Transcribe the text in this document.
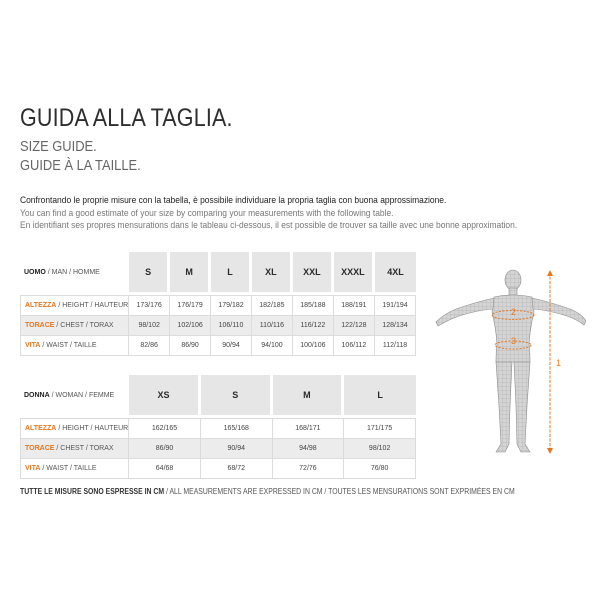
GUIDA ALLA TAGLIA.
SIZE GUIDE.
GUIDE À LA TAILLE.
Confrontando le proprie misure con la tabella, è possibile individuare la propria taglia con buona approssimazione.
You can find a good estimate of your size by comparing your measurements with the following table.
En identifiant ses propres mensurations dans le tableau ci-dessous, il est possible de trouver sa taille avec une bonne approximation.
UOMO / MAN / HOMME	S	M	L	XL	XXL	XXXL	4XL

ALTEZZA / HEIGHT / HAUTEUR	173/176	176/179	179/182	182/185	185/188	188/191	191/194
TORACE / CHEST / TORAX	98/102	102/106	106/110	110/116	116/122	122/128	128/134
VITA / WAIST / TAILLE	82/86	86/90	90/94	94/100	100/106	106/112	112/118
DONNA / WOMAN / FEMME	XS	S	M	L

ALTEZZA / HEIGHT / HAUTEUR	162/165	165/168	168/171	171/175
TORACE / CHEST / TORAX	86/90	90/94	94/98	98/102
VITA / WAIST / TAILLE	64/68	68/72	72/76	76/80
TUTTE LE MISURE SONO ESPRESSE IN CM / ALL MEASUREMENTS ARE EXPRESSED IN CM / TOUTES LES MENSURATIONS SONT EXPRIMÉES EN CM
1
2
3
